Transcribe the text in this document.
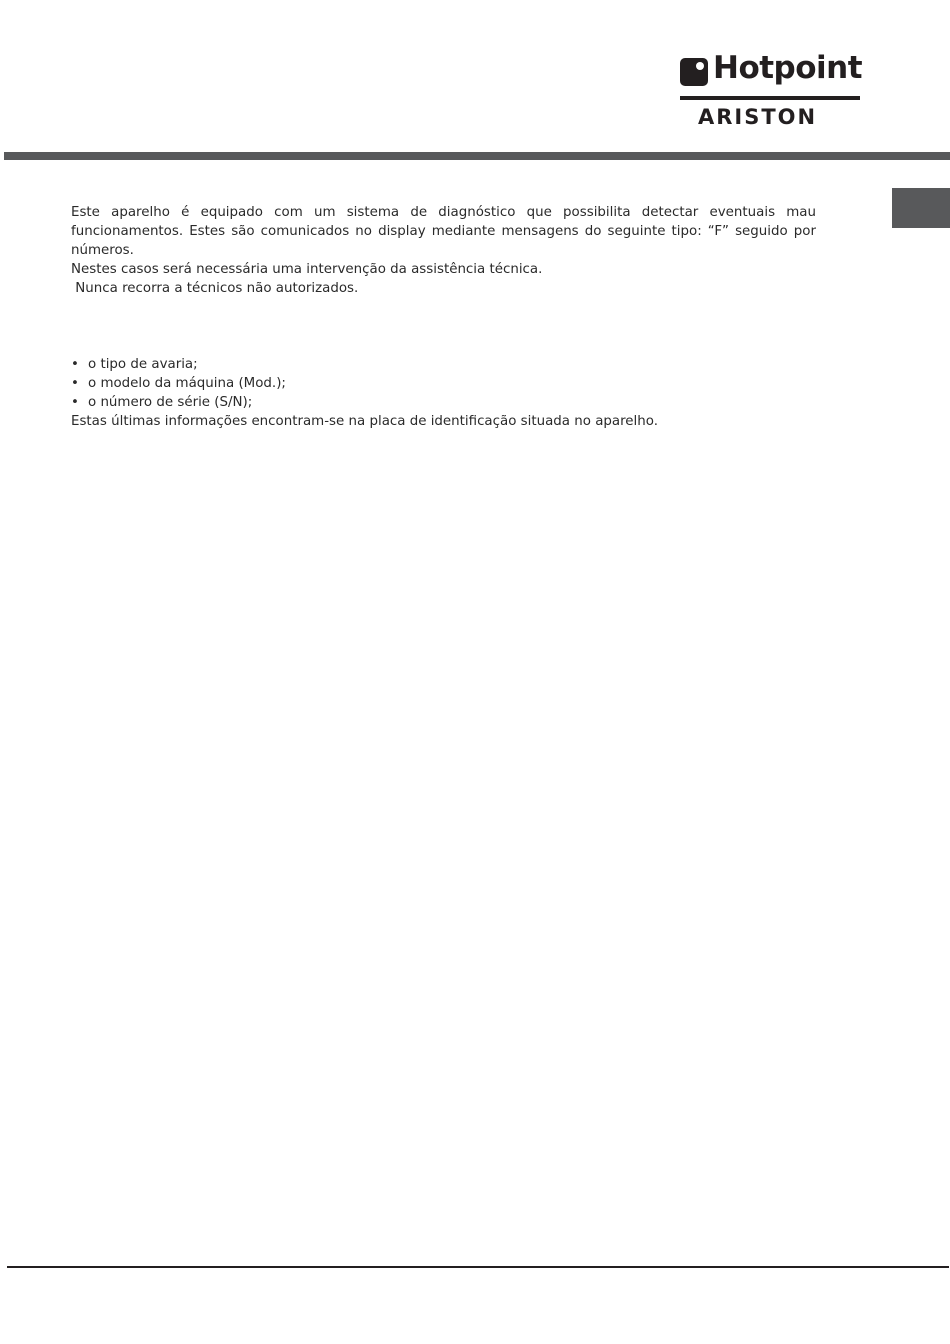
Hotpoint
ARISTON

Este aparelho é equipado com um sistema de diagnóstico que possibilita detectar eventuais mau funcionamentos. Estes são comunicados no display mediante mensagens do seguinte tipo: “F” seguido por números.

Nestes casos será necessária uma intervenção da assistência técnica.

Nunca recorra a técnicos não autorizados.

• o tipo de avaria;
• o modelo da máquina (Mod.);
• o número de série (S/N);

Estas últimas informações encontram-se na placa de identificação situada no aparelho.
